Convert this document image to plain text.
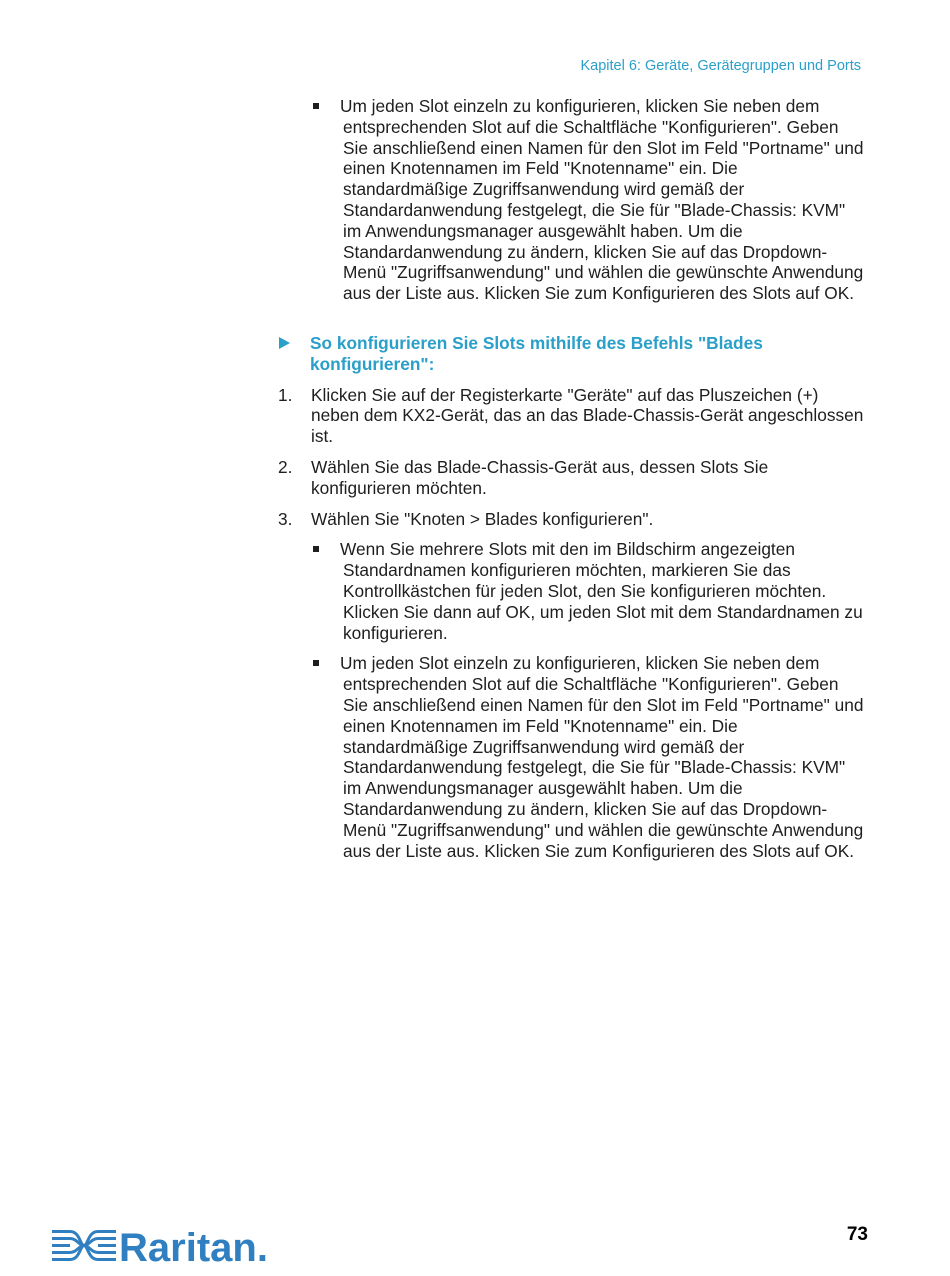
Kapitel 6: Geräte, Gerätegruppen und Ports
Um jeden Slot einzeln zu konfigurieren, klicken Sie neben dem entsprechenden Slot auf die Schaltfläche "Konfigurieren". Geben Sie anschließend einen Namen für den Slot im Feld "Portname" und einen Knotennamen im Feld "Knotenname" ein. Die standardmäßige Zugriffsanwendung wird gemäß der Standardanwendung festgelegt, die Sie für "Blade-Chassis: KVM" im Anwendungsmanager ausgewählt haben. Um die Standardanwendung zu ändern, klicken Sie auf das Dropdown-Menü "Zugriffsanwendung" und wählen die gewünschte Anwendung aus der Liste aus. Klicken Sie zum Konfigurieren des Slots auf OK.
So konfigurieren Sie Slots mithilfe des Befehls "Blades konfigurieren":
1. Klicken Sie auf der Registerkarte "Geräte" auf das Pluszeichen (+) neben dem KX2-Gerät, das an das Blade-Chassis-Gerät angeschlossen ist.
2. Wählen Sie das Blade-Chassis-Gerät aus, dessen Slots Sie konfigurieren möchten.
3. Wählen Sie "Knoten > Blades konfigurieren".
Wenn Sie mehrere Slots mit den im Bildschirm angezeigten Standardnamen konfigurieren möchten, markieren Sie das Kontrollkästchen für jeden Slot, den Sie konfigurieren möchten. Klicken Sie dann auf OK, um jeden Slot mit dem Standardnamen zu konfigurieren.
Um jeden Slot einzeln zu konfigurieren, klicken Sie neben dem entsprechenden Slot auf die Schaltfläche "Konfigurieren". Geben Sie anschließend einen Namen für den Slot im Feld "Portname" und einen Knotennamen im Feld "Knotenname" ein. Die standardmäßige Zugriffsanwendung wird gemäß der Standardanwendung festgelegt, die Sie für "Blade-Chassis: KVM" im Anwendungsmanager ausgewählt haben. Um die Standardanwendung zu ändern, klicken Sie auf das Dropdown-Menü "Zugriffsanwendung" und wählen die gewünschte Anwendung aus der Liste aus. Klicken Sie zum Konfigurieren des Slots auf OK.
Raritan.	73
